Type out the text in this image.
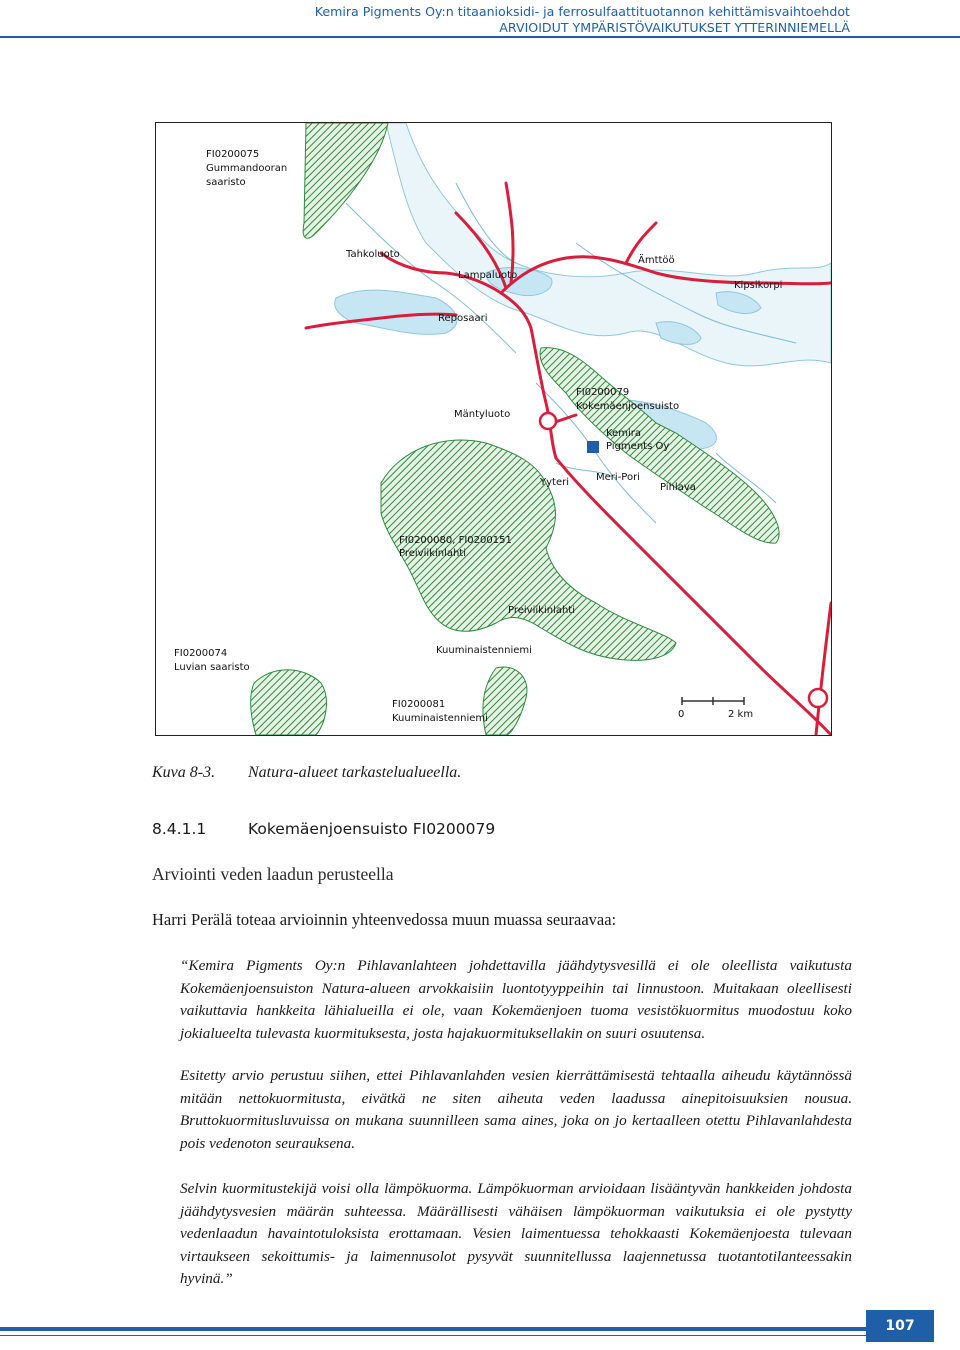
Kemira Pigments Oy:n titaanioksidi- ja ferrosulfaattituotannon kehittämisvaihtoehdot
ARVIOIDUT YMPÄRISTÖVAIKUTUKSET YTTERINNIEMELLÄ
FI0200075
Gummandooran
saaristo
Tahkoluoto
Lampaluoto
Ämttöö
Kipsikorpi
Reposaari
FI0200079
Kokemäenjoensuisto
Mäntyluoto
Kemira
Pigments Oy
Yyteri	Meri-Pori
Pihlava
FI0200080, FI0200151
Preiviikinlahti
Preiviikinlahti
FI0200074
Luvian saaristo
Kuuminaistenniemi
FI0200081
Kuuminaistenniemi	0	2 km
Kuva 8-3. Natura-alueet tarkastelualueella.
8.4.1.1	Kokemäenjoensuisto FI0200079
Arviointi veden laadun perusteella
Harri Perälä toteaa arvioinnin yhteenvedossa muun muassa seuraavaa:
“Kemira Pigments Oy:n Pihlavanlahteen johdettavilla jäähdytysvesillä ei ole oleellista vaikutusta Kokemäenjoensuiston Natura-alueen arvokkaisiin luontotyyppeihin tai linnustoon. Muitakaan oleellisesti vaikuttavia hankkeita lähialueilla ei ole, vaan Kokemäenjoen tuoma vesistökuormitus muodostuu koko jokialueelta tulevasta kuormituksesta, josta hajakuormituksellakin on suuri osuutensa.
Esitetty arvio perustuu siihen, ettei Pihlavanlahden vesien kierrättämisestä tehtaalla aiheudu käytännössä mitään nettokuormitusta, eivätkä ne siten aiheuta veden laadussa ainepitoisuuksien nousua. Bruttokuormitusluvuissa on mukana suunnilleen sama aines, joka on jo kertaalleen otettu Pihlavanlahdesta pois vedenoton seurauksena.
Selvin kuormitustekijä voisi olla lämpökuorma. Lämpökuorman arvioidaan lisääntyvän hankkeiden johdosta jäähdytysvesien määrän suhteessa. Määrällisesti vähäisen lämpökuorman vaikutuksia ei ole pystytty vedenlaadun havaintotuloksista erottamaan. Vesien laimentuessa tehokkaasti Kokemäenjoesta tulevaan virtaukseen sekoittumis- ja laimennusolot pysyvät suunnitellussa laajennetussa tuotantotilanteessakin hyvinä.”
107
